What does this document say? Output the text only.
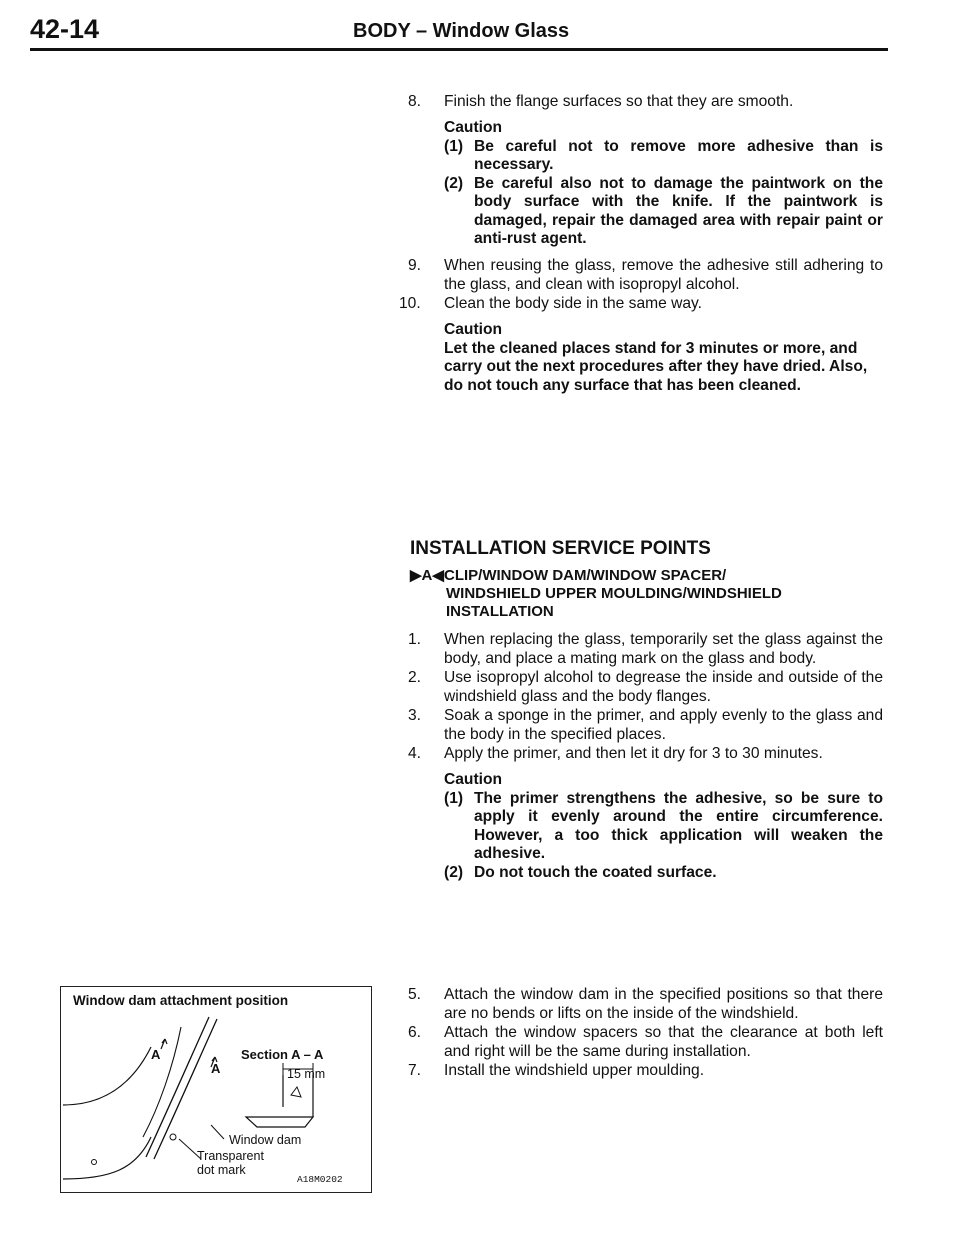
42-14	BODY – Window Glass
8. Finish the flange surfaces so that they are smooth.
Caution
(1) Be careful not to remove more adhesive than is necessary.
(2) Be careful also not to damage the paintwork on the body surface with the knife. If the paintwork is damaged, repair the damaged area with repair paint or anti-rust agent.
9. When reusing the glass, remove the adhesive still adhering to the glass, and clean with isopropyl alcohol.
10. Clean the body side in the same way.
Caution
Let the cleaned places stand for 3 minutes or more, and carry out the next procedures after they have dried. Also, do not touch any surface that has been cleaned.
INSTALLATION SERVICE POINTS
▶A◀CLIP/WINDOW DAM/WINDOW SPACER/
WINDSHIELD UPPER MOULDING/WINDSHIELD
INSTALLATION
1. When replacing the glass, temporarily set the glass against the body, and place a mating mark on the glass and body.
2. Use isopropyl alcohol to degrease the inside and outside of the windshield glass and the body flanges.
3. Soak a sponge in the primer, and apply evenly to the glass and the body in the specified places.
4. Apply the primer, and then let it dry for 3 to 30 minutes.
Caution
(1) The primer strengthens the adhesive, so be sure to apply it evenly around the entire circumference. However, a too thick application will weaken the adhesive.
(2) Do not touch the coated surface.
5. Attach the window dam in the specified positions so that there are no bends or lifts on the inside of the windshield.
6. Attach the window spacers so that the clearance at both left and right will be the same during installation.
7. Install the windshield upper moulding.
Window dam attachment position
A
A
Section A – A
15 mm
Window dam
Transparent
dot mark
A18M0202
